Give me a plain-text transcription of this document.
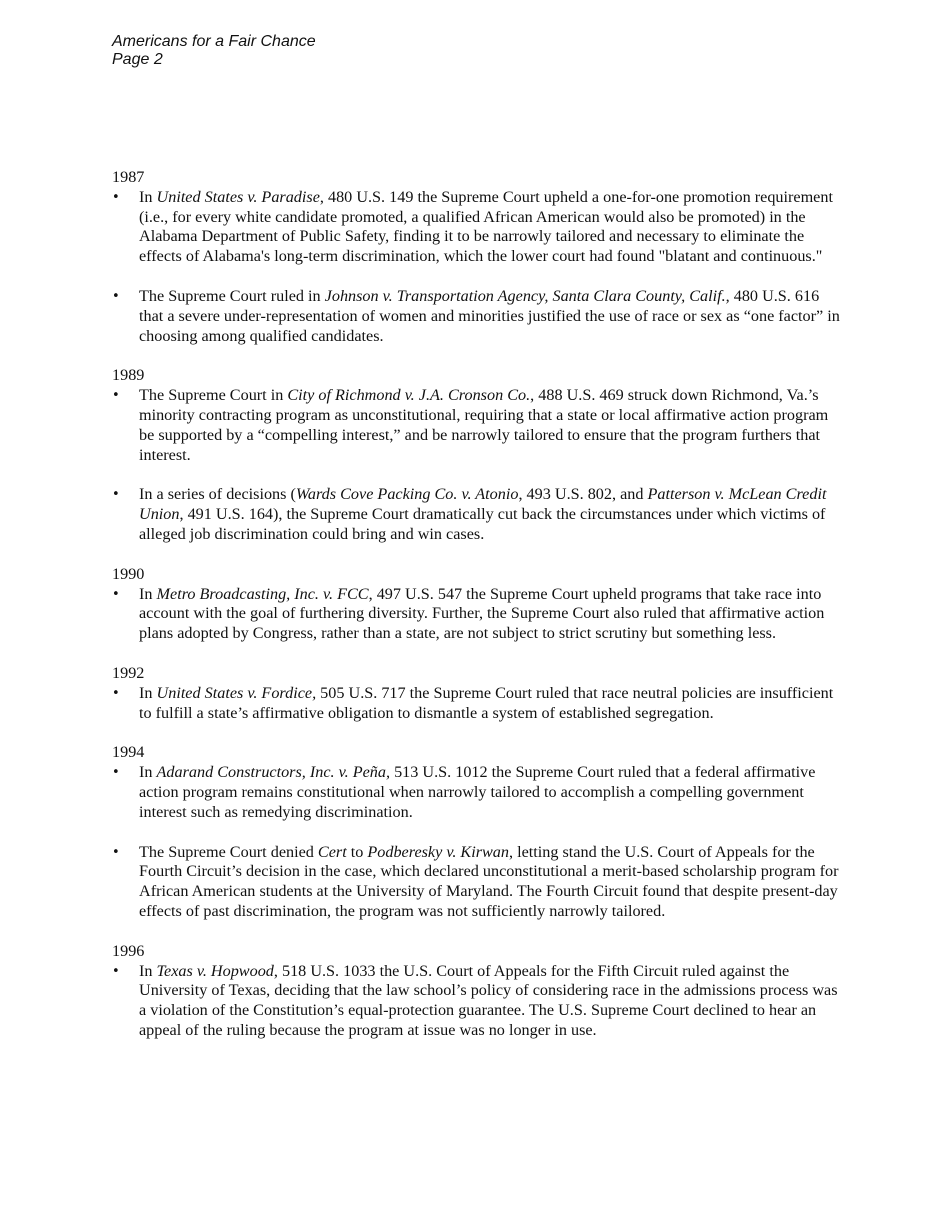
Americans for a Fair Chance
Page 2

1987

• In United States v. Paradise, 480 U.S. 149 the Supreme Court upheld a one-for-one promotion requirement (i.e., for every white candidate promoted, a qualified African American would also be promoted) in the Alabama Department of Public Safety, finding it to be narrowly tailored and necessary to eliminate the effects of Alabama's long-term discrimination, which the lower court had found "blatant and continuous."

• The Supreme Court ruled in Johnson v. Transportation Agency, Santa Clara County, Calif., 480 U.S. 616 that a severe under-representation of women and minorities justified the use of race or sex as “one factor” in choosing among qualified candidates.

1989

• The Supreme Court in City of Richmond v. J.A. Cronson Co., 488 U.S. 469 struck down Richmond, Va.’s minority contracting program as unconstitutional, requiring that a state or local affirmative action program be supported by a “compelling interest,” and be narrowly tailored to ensure that the program furthers that interest.

• In a series of decisions (Wards Cove Packing Co. v. Atonio, 493 U.S. 802, and Patterson v. McLean Credit Union, 491 U.S. 164), the Supreme Court dramatically cut back the circumstances under which victims of alleged job discrimination could bring and win cases.

1990

• In Metro Broadcasting, Inc. v. FCC, 497 U.S. 547 the Supreme Court upheld programs that take race into account with the goal of furthering diversity. Further, the Supreme Court also ruled that affirmative action plans adopted by Congress, rather than a state, are not subject to strict scrutiny but something less.

1992

• In United States v. Fordice, 505 U.S. 717 the Supreme Court ruled that race neutral policies are insufficient to fulfill a state’s affirmative obligation to dismantle a system of established segregation.

1994

• In Adarand Constructors, Inc. v. Peña, 513 U.S. 1012 the Supreme Court ruled that a federal affirmative action program remains constitutional when narrowly tailored to accomplish a compelling government interest such as remedying discrimination.

• The Supreme Court denied Cert to Podberesky v. Kirwan, letting stand the U.S. Court of Appeals for the Fourth Circuit’s decision in the case, which declared unconstitutional a merit-based scholarship program for African American students at the University of Maryland. The Fourth Circuit found that despite present-day effects of past discrimination, the program was not sufficiently narrowly tailored.

1996

• In Texas v. Hopwood, 518 U.S. 1033 the U.S. Court of Appeals for the Fifth Circuit ruled against the University of Texas, deciding that the law school’s policy of considering race in the admissions process was a violation of the Constitution’s equal-protection guarantee. The U.S. Supreme Court declined to hear an appeal of the ruling because the program at issue was no longer in use.
